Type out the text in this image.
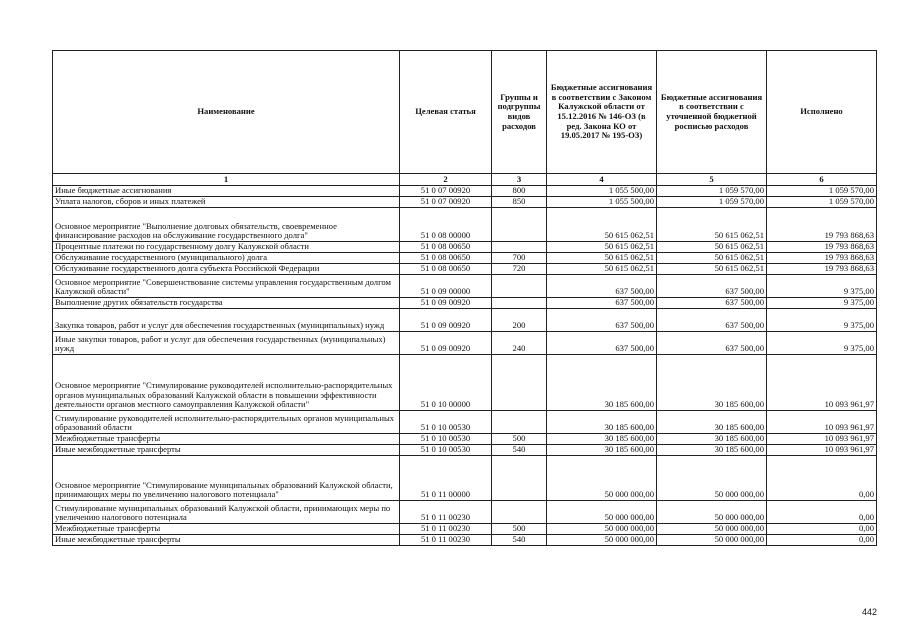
Наименование	Целевая статья	Группы и подгруппы видов расходов	Бюджетные ассигнования в соответствии с Законом Калужской области от 15.12.2016 № 146-ОЗ (в ред. Закона КО от 19.05.2017 № 195-ОЗ)	Бюджетные ассигнования в соответствии с уточненной бюджетной росписью расходов	Исполнено
1	2	3	4	5	6
Иные бюджетные ассигнования	51 0 07 00920	800	1 055 500,00	1 059 570,00	1 059 570,00
Уплата налогов, сборов и иных платежей	51 0 07 00920	850	1 055 500,00	1 059 570,00	1 059 570,00
Основное мероприятие "Выполнение долговых обязательств, своевременное финансирование расходов на обслуживание государственного долга"	51 0 08 00000		50 615 062,51	50 615 062,51	19 793 868,63
Процентные платежи по государственному долгу Калужской области	51 0 08 00650		50 615 062,51	50 615 062,51	19 793 868,63
Обслуживание государственного (муниципального) долга	51 0 08 00650	700	50 615 062,51	50 615 062,51	19 793 868,63
Обслуживание государственного долга субъекта Российской Федерации	51 0 08 00650	720	50 615 062,51	50 615 062,51	19 793 868,63
Основное мероприятие "Совершенствование системы управления государственным долгом Калужской области"	51 0 09 00000		637 500,00	637 500,00	9 375,00
Выполнение других обязательств государства	51 0 09 00920		637 500,00	637 500,00	9 375,00
Закупка товаров, работ и услуг для обеспечения государственных (муниципальных) нужд	51 0 09 00920	200	637 500,00	637 500,00	9 375,00
Иные закупки товаров, работ и услуг для обеспечения государственных (муниципальных) нужд	51 0 09 00920	240	637 500,00	637 500,00	9 375,00
Основное мероприятие "Стимулирование руководителей исполнительно-распорядительных органов муниципальных образований Калужской области в повышении эффективности деятельности органов местного самоуправления Калужской области"	51 0 10 00000		30 185 600,00	30 185 600,00	10 093 961,97
Стимулирование руководителей исполнительно-распорядительных органов муниципальных образований области	51 0 10 00530		30 185 600,00	30 185 600,00	10 093 961,97
Межбюджетные трансферты	51 0 10 00530	500	30 185 600,00	30 185 600,00	10 093 961,97
Иные межбюджетные трансферты	51 0 10 00530	540	30 185 600,00	30 185 600,00	10 093 961,97
Основное мероприятие "Стимулирование муниципальных образований Калужской области, принимающих меры по увеличению налогового потенциала"	51 0 11 00000		50 000 000,00	50 000 000,00	0,00
Стимулирование муниципальных образований Калужской области, принимающих меры по увеличению налогового потенциала	51 0 11 00230		50 000 000,00	50 000 000,00	0,00
Межбюджетные трансферты	51 0 11 00230	500	50 000 000,00	50 000 000,00	0,00
Иные межбюджетные трансферты	51 0 11 00230	540	50 000 000,00	50 000 000,00	0,00
442
